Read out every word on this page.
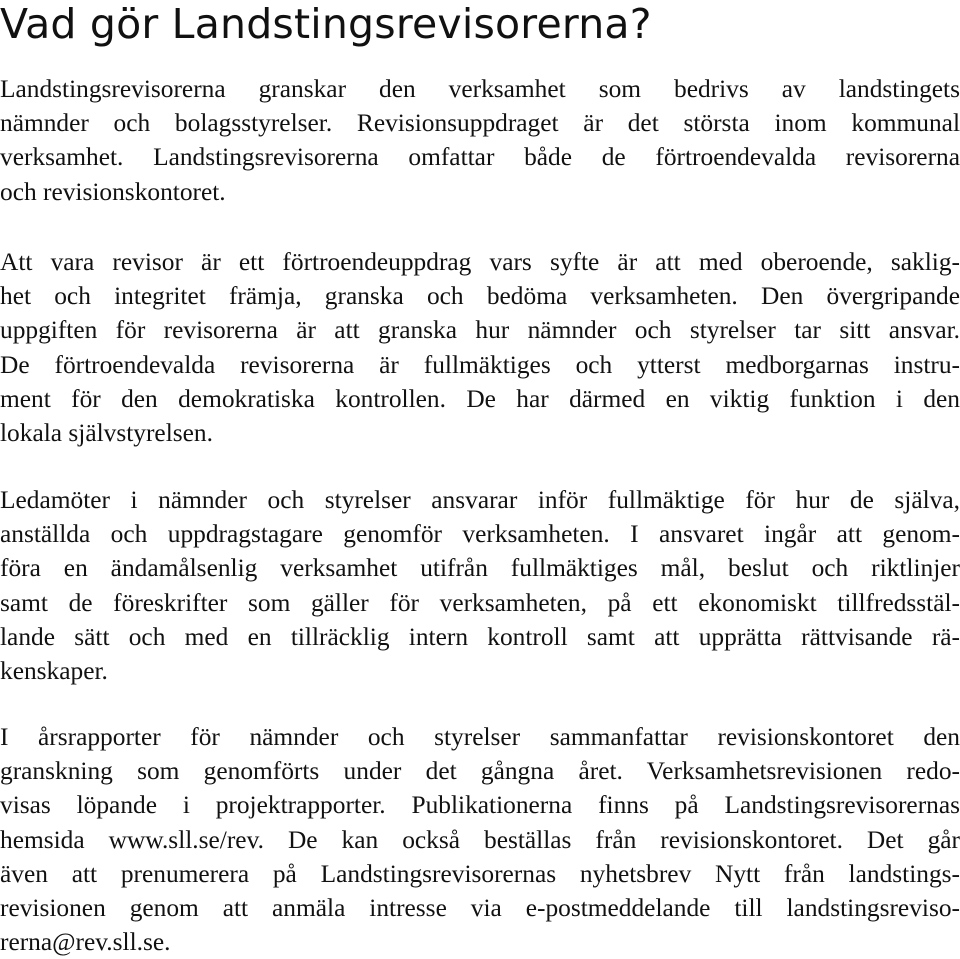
Vad gör Landstingsrevisorerna?
Landstingsrevisorerna granskar den verksamhet som bedrivs av landstingets
nämnder och bolagsstyrelser. Revisionsuppdraget är det största inom kommunal
verksamhet. Landstingsrevisorerna omfattar både de förtroendevalda revisorerna
och revisionskontoret.
Att vara revisor är ett förtroendeuppdrag vars syfte är att med oberoende, saklig-
het och integritet främja, granska och bedöma verksamheten. Den övergripande
uppgiften för revisorerna är att granska hur nämnder och styrelser tar sitt ansvar.
De förtroendevalda revisorerna är fullmäktiges och ytterst medborgarnas instru-
ment för den demokratiska kontrollen. De har därmed en viktig funktion i den
lokala självstyrelsen.
Ledamöter i nämnder och styrelser ansvarar inför fullmäktige för hur de själva,
anställda och uppdragstagare genomför verksamheten. I ansvaret ingår att genom-
föra en ändamålsenlig verksamhet utifrån fullmäktiges mål, beslut och riktlinjer
samt de föreskrifter som gäller för verksamheten, på ett ekonomiskt tillfredsstäl-
lande sätt och med en tillräcklig intern kontroll samt att upprätta rättvisande rä-
kenskaper.
I årsrapporter för nämnder och styrelser sammanfattar revisionskontoret den
granskning som genomförts under det gångna året. Verksamhetsrevisionen redo-
visas löpande i projektrapporter. Publikationerna finns på Landstingsrevisorernas
hemsida www.sll.se/rev. De kan också beställas från revisionskontoret. Det går
även att prenumerera på Landstingsrevisorernas nyhetsbrev Nytt från landstings-
revisionen genom att anmäla intresse via e-postmeddelande till landstingsreviso-
rerna@rev.sll.se.
